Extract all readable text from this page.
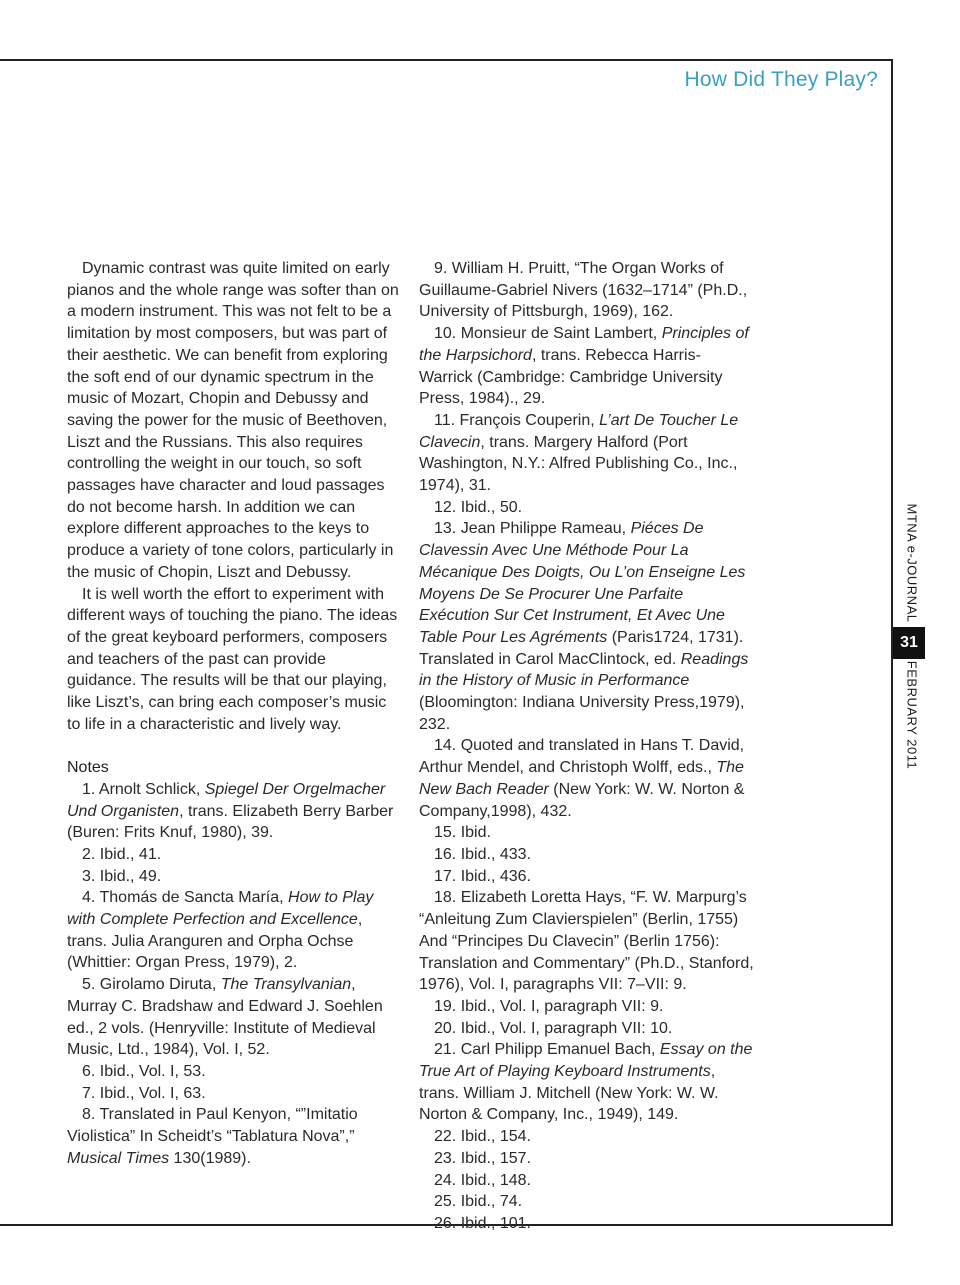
How Did They Play?
MTNA e-JOURNAL
31
FEBRUARY 2011

Dynamic contrast was quite limited on early pianos and the whole range was softer than on a modern instrument. This was not felt to be a limitation by most composers, but was part of their aesthetic. We can benefit from exploring the soft end of our dynamic spectrum in the music of Mozart, Chopin and Debussy and saving the power for the music of Beethoven, Liszt and the Russians. This also requires controlling the weight in our touch, so soft passages have character and loud passages do not become harsh. In addition we can explore different approaches to the keys to produce a variety of tone colors, particularly in the music of Chopin, Liszt and Debussy.

It is well worth the effort to experiment with different ways of touching the piano. The ideas of the great keyboard performers, composers and teachers of the past can provide guidance. The results will be that our playing, like Liszt’s, can bring each composer’s music to life in a characteristic and lively way.

Notes

1. Arnolt Schlick, Spiegel Der Orgelmacher Und Organisten, trans. Elizabeth Berry Barber (Buren: Frits Knuf, 1980), 39.

2. Ibid., 41.

3. Ibid., 49.

4. Thomás de Sancta María, How to Play with Complete Perfection and Excellence, trans. Julia Aranguren and Orpha Ochse (Whittier: Organ Press, 1979), 2.

5. Girolamo Diruta, The Transylvanian, Murray C. Bradshaw and Edward J. Soehlen ed., 2 vols. (Henryville: Institute of Medieval Music, Ltd., 1984), Vol. I, 52.

6. Ibid., Vol. I, 53.

7. Ibid., Vol. I, 63.

8. Translated in Paul Kenyon, “”Imitatio Violistica” In Scheidt’s “Tablatura Nova”,” Musical Times 130(1989).

9. William H. Pruitt, “The Organ Works of Guillaume-Gabriel Nivers (1632–1714” (Ph.D., University of Pittsburgh, 1969), 162.

10. Monsieur de Saint Lambert, Principles of the Harpsichord, trans. Rebecca Harris-Warrick (Cambridge: Cambridge University Press, 1984)., 29.

11. François Couperin, L’art De Toucher Le Clavecin, trans. Margery Halford (Port Washington, N.Y.: Alfred Publishing Co., Inc., 1974), 31.

12. Ibid., 50.

13. Jean Philippe Rameau, Piéces De Clavessin Avec Une Méthode Pour La Mécanique Des Doigts, Ou L’on Enseigne Les Moyens De Se Procurer Une Parfaite Exécution Sur Cet Instrument, Et Avec Une Table Pour Les Agréments (Paris1724, 1731). Translated in Carol MacClintock, ed. Readings in the History of Music in Performance (Bloomington: Indiana University Press,1979), 232.

14. Quoted and translated in Hans T. David, Arthur Mendel, and Christoph Wolff, eds., The New Bach Reader (New York: W. W. Norton & Company,1998), 432.

15. Ibid.

16. Ibid., 433.

17. Ibid., 436.

18. Elizabeth Loretta Hays, “F. W. Marpurg’s “Anleitung Zum Clavierspielen” (Berlin, 1755) And “Principes Du Clavecin” (Berlin 1756): Translation and Commentary” (Ph.D., Stanford, 1976), Vol. I, paragraphs VII: 7–VII: 9.

19. Ibid., Vol. I, paragraph VII: 9.

20. Ibid., Vol. I, paragraph VII: 10.

21. Carl Philipp Emanuel Bach, Essay on the True Art of Playing Keyboard Instruments, trans. William J. Mitchell (New York: W. W. Norton & Company, Inc., 1949), 149.

22. Ibid., 154.

23. Ibid., 157.

24. Ibid., 148.

25. Ibid., 74.

26. Ibid., 101.
